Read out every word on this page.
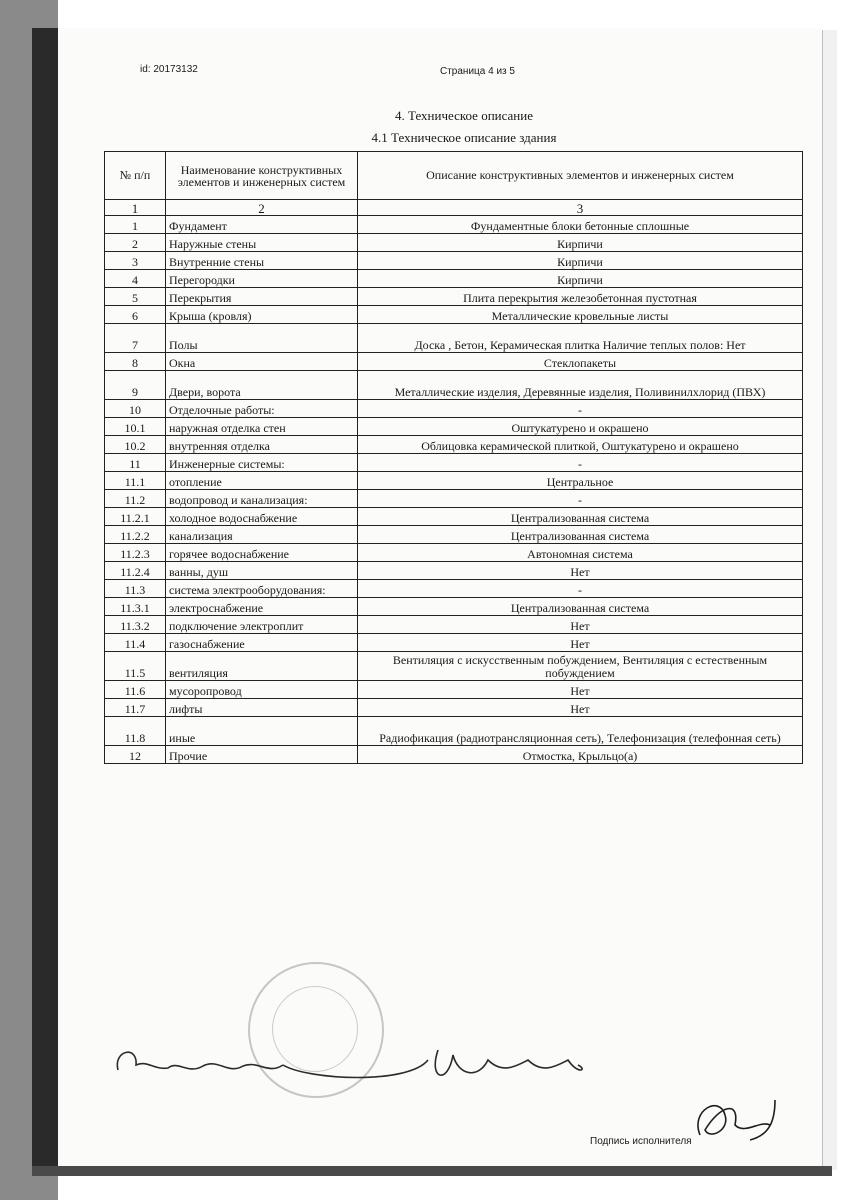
id: 20173132	Страница 4 из 5
4. Техническое описание
4.1 Техническое описание здания
№ п/п	Наименование конструктивных элементов и инженерных систем	Описание конструктивных элементов и инженерных систем
1	2	3
1	Фундамент	Фундаментные блоки бетонные сплошные
2	Наружные стены	Кирпичи
3	Внутренние стены	Кирпичи
4	Перегородки	Кирпичи
5	Перекрытия	Плита перекрытия железобетонная пустотная
6	Крыша (кровля)	Металлические кровельные листы
7	Полы	Доска , Бетон, Керамическая плитка Наличие теплых полов: Нет
8	Окна	Стеклопакеты
9	Двери, ворота	Металлические изделия, Деревянные изделия, Поливинилхлорид (ПВХ)
10	Отделочные работы:	-
10.1	наружная отделка стен	Оштукатурено и окрашено
10.2	внутренняя отделка	Облицовка керамической плиткой, Оштукатурено и окрашено
11	Инженерные системы:	-
11.1	отопление	Центральное
11.2	водопровод и канализация:	-
11.2.1	холодное водоснабжение	Централизованная система
11.2.2	канализация	Централизованная система
11.2.3	горячее водоснабжение	Автономная система
11.2.4	ванны, душ	Нет
11.3	система электрооборудования:	-
11.3.1	электроснабжение	Централизованная система
11.3.2	подключение электроплит	Нет
11.4	газоснабжение	Нет
11.5	вентиляция	Вентиляция с искусственным побуждением, Вентиляция с естественным побуждением
11.6	мусоропровод	Нет
11.7	лифты	Нет
11.8	иные	Радиофикация (радиотрансляционная сеть), Телефонизация (телефонная сеть)
12	Прочие	Отмостка, Крыльцо(а)
Подпись исполнителя
